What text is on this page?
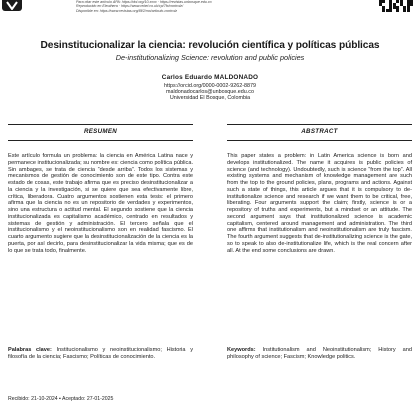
Para citar este artículo APA: https://doi.org/10.xxxx · https://revistas.unbosque.edu.co
Reproducido en Eleuthera · https://www.rebel.co.uk/cp/7fx/controlz/
Disponible en: https://www.revistas.org/8f/2/mo/articulo-controlz
Desinstitucionalizar la ciencia: revolución científica y políticas públicas
De-institutionalizing Science: revolution and public policies
Carlos Eduardo MALDONADO
https://orcid.org/0000-0002-9262-8879
maldonadocarlos@unbosque.edu.co
Universidad El Bosque, Colombia
RESUMEN	ABSTRACT
Este artículo formula un problema: la ciencia en América Latina nace y permanece institucionalizada; su nombre es: ciencia como política pública. Sin ambages, se trata de ciencia “desde arriba”. Todos los sistemas y mecanismos de gestión de conocimiento son de este tipo. Contra este estado de cosas, este trabajo afirma que es preciso desinstitucionalizar a la ciencia y la investigación, si se quiere que sea efectivamente libre, crítica, liberadora. Cuatro argumentos sostienen esta tesis: el primero afirma que la ciencia no es un repositorio de verdades y experimentos, sino una estructura o actitud mental. El segundo sostiene que la ciencia institucionalizada es capitalismo académico, centrado en resultados y sistemas de gestión y administración. El tercero señala que el institucionalismo y el neoinstitucionalismo son en realidad fascismo. El cuarto argumento sugiere que la desinstitucionalización de la ciencia es la puerta, por así decirlo, para desinstitucionalizar la vida misma; que es de lo que se trata todo, finalmente.
This paper states a problem: in Latin America science is born and develops institutionalized. The name it acquires is public policies of science (and technology). Undoubtedly, such is science “from the top”. All existing systems and mechanism of knowledge management are such from the top to the ground policies, plans, programs and actions. Against such a state of things, this article argues that it is compulsory to de-institutionalize science and research if we want them to be critical, free, liberating. Four arguments support the claim; firstly, science is or a repository of truths and experiments, but a mindset or an attitude. The second argument says that institutionalized science is academic capitalism, centered around management and administration. The third one affirms that institutionalism and neoinstitutionalism are truly fascism. The fourth argument suggests that de-institutionalizing science is the gate, so to speak to also de-institutionalize life, which is the real concern after all. At the end some conclusions are drawn.
Palabras clave: Institucionalismo y neoinstitucionalismo; Historia y filosofía de la ciencia; Fascismo; Políticas de conocimiento.
Keywords: Institutionalism and Neoinstitutionalism; History and philosophy of science; Fascism; Knowledge politics.
Recibido: 21-10-2024 ▪ Aceptado: 27-01-2025
